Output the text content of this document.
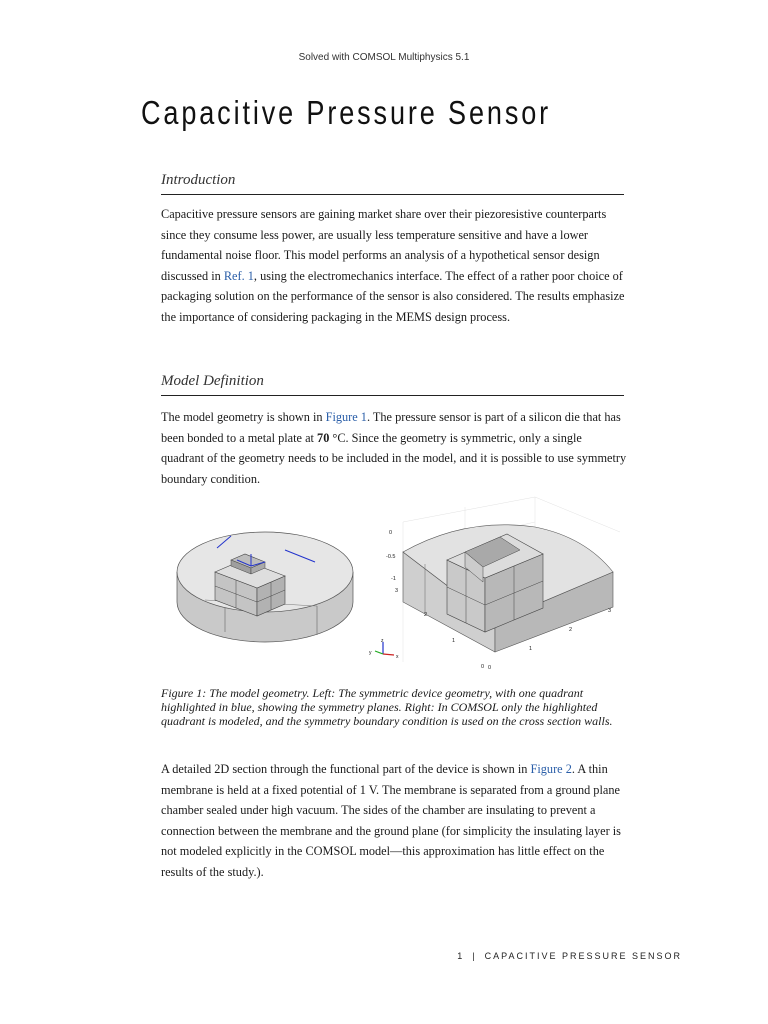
Solved with COMSOL Multiphysics 5.1
Capacitive Pressure Sensor
Introduction

Capacitive pressure sensors are gaining market share over their piezoresistive counterparts since they consume less power, are usually less temperature sensitive and have a lower fundamental noise floor. This model performs an analysis of a hypothetical sensor design discussed in Ref. 1, using the electromechanics interface. The effect of a rather poor choice of packaging solution on the performance of the sensor is also considered. The results emphasize the importance of considering packaging in the MEMS design process.

Model Definition

The model geometry is shown in Figure 1. The pressure sensor is part of a silicon die that has been bonded to a metal plate at 70 °C. Since the geometry is symmetric, only a single quadrant of the geometry needs to be included in the model, and it is possible to use symmetry boundary condition.

z
x
y
0
-0.5
-1
3
2
1
0 0
1
2
3

Figure 1: The model geometry. Left: The symmetric device geometry, with one quadrant highlighted in blue, showing the symmetry planes. Right: In COMSOL only the highlighted quadrant is modeled, and the symmetry boundary condition is used on the cross section walls.

A detailed 2D section through the functional part of the device is shown in Figure 2. A thin membrane is held at a fixed potential of 1 V. The membrane is separated from a ground plane chamber sealed under high vacuum. The sides of the chamber are insulating to prevent a connection between the membrane and the ground plane (for simplicity the insulating layer is not modeled explicitly in the COMSOL model—this approximation has little effect on the results of the study.).

1 | CAPACITIVE PRESSURE SENSOR
